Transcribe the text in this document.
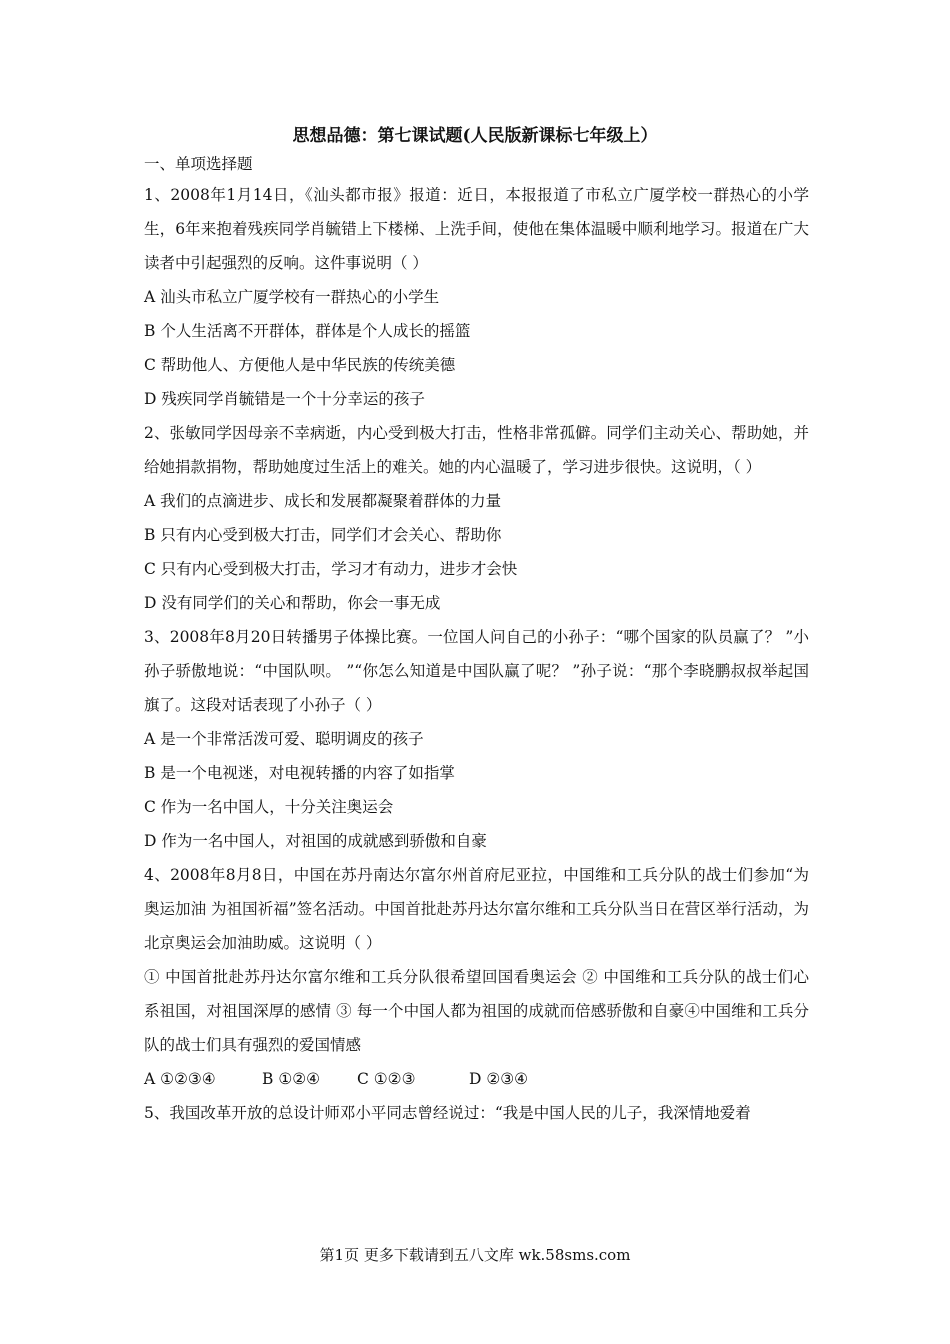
思想品德：第七课试题(人民版新课标七年级上）
一、单项选择题

1、2008年1月14日，《汕头都市报》报道：近日，本报报道了市私立广厦学校一群热心的小学生，6年来抱着残疾同学肖毓错上下楼梯、上洗手间，使他在集体温暖中顺利地学习。报道在广大读者中引起强烈的反响。这件事说明（ ）

A 汕头市私立广厦学校有一群热心的小学生
B 个人生活离不开群体，群体是个人成长的摇篮
C 帮助他人、方便他人是中华民族的传统美德
D 残疾同学肖毓错是一个十分幸运的孩子

2、张敏同学因母亲不幸病逝，内心受到极大打击，性格非常孤僻。同学们主动关心、帮助她，并给她捐款捐物，帮助她度过生活上的难关。她的内心温暖了，学习进步很快。这说明，（ ）

A 我们的点滴进步、成长和发展都凝聚着群体的力量
B 只有内心受到极大打击，同学们才会关心、帮助你
C 只有内心受到极大打击，学习才有动力，进步才会快
D 没有同学们的关心和帮助，你会一事无成

3、2008年8月20日转播男子体操比赛。一位国人问自己的小孙子：“哪个国家的队员赢了？ ”小孙子骄傲地说：“中国队呗。 ”“你怎么知道是中国队赢了呢？ ”孙子说：“那个李晓鹏叔叔举起国旗了。这段对话表现了小孙子（ ）

A 是一个非常活泼可爱、聪明调皮的孩子
B 是一个电视迷，对电视转播的内容了如指掌
C 作为一名中国人，十分关注奥运会
D 作为一名中国人，对祖国的成就感到骄傲和自豪

4、2008年8月8日，中国在苏丹南达尔富尔州首府尼亚拉，中国维和工兵分队的战士们参加“为奥运加油 为祖国祈福”签名活动。中国首批赴苏丹达尔富尔维和工兵分队当日在营区举行活动，为北京奥运会加油助威。这说明（ ）

① 中国首批赴苏丹达尔富尔维和工兵分队很希望回国看奥运会 ② 中国维和工兵分队的战士们心系祖国，对祖国深厚的感情 ③ 每一个中国人都为祖国的成就而倍感骄傲和自豪④中国维和工兵分队的战士们具有强烈的爱国情感

A ①②③④	B ①②④ C ①②③	D ②③④

5、我国改革开放的总设计师邓小平同志曾经说过：“我是中国人民的儿子，我深情地爱着

第1页 更多下载请到五八文库 wk.58sms.com
